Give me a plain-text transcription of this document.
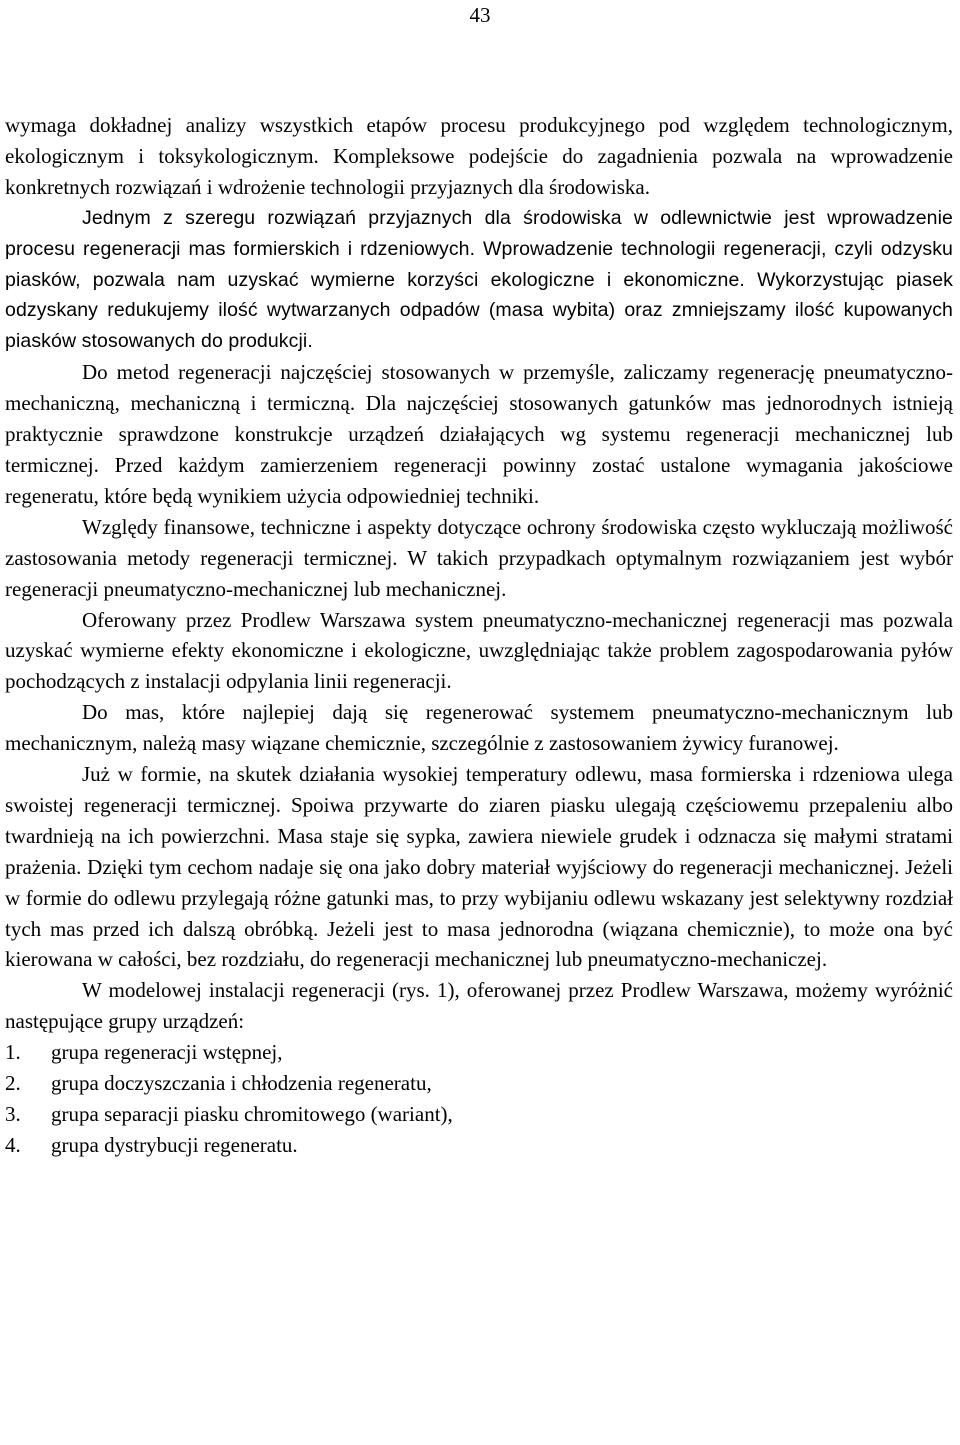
43

wymaga dokładnej analizy wszystkich etapów procesu produkcyjnego pod względem technologicznym, ekologicznym i toksykologicznym. Kompleksowe podejście do zagadnienia pozwala na wprowadzenie konkretnych rozwiązań i wdrożenie technologii przyjaznych dla środowiska.

Jednym z szeregu rozwiązań przyjaznych dla środowiska w odlewnictwie jest wprowadzenie procesu regeneracji mas formierskich i rdzeniowych. Wprowadzenie technologii regeneracji, czyli odzysku piasków, pozwala nam uzyskać wymierne korzyści ekologiczne i ekonomiczne. Wykorzystując piasek odzyskany redukujemy ilość wytwarzanych odpadów (masa wybita) oraz zmniejszamy ilość kupowanych piasków stosowanych do produkcji.

Do metod regeneracji najczęściej stosowanych w przemyśle, zaliczamy regenerację pneumatyczno-mechaniczną, mechaniczną i termiczną. Dla najczęściej stosowanych gatunków mas jednorodnych istnieją praktycznie sprawdzone konstrukcje urządzeń działających wg systemu regeneracji mechanicznej lub termicznej. Przed każdym zamierzeniem regeneracji powinny zostać ustalone wymagania jakościowe regeneratu, które będą wynikiem użycia odpowiedniej techniki.

Względy finansowe, techniczne i aspekty dotyczące ochrony środowiska często wykluczają możliwość zastosowania metody regeneracji termicznej. W takich przypadkach optymalnym rozwiązaniem jest wybór regeneracji pneumatyczno-mechanicznej lub mechanicznej.

Oferowany przez Prodlew Warszawa system pneumatyczno-mechanicznej regeneracji mas pozwala uzyskać wymierne efekty ekonomiczne i ekologiczne, uwzględniając także problem zagospodarowania pyłów pochodzących z instalacji odpylania linii regeneracji.

Do mas, które najlepiej dają się regenerować systemem pneumatyczno-mechanicznym lub mechanicznym, należą masy wiązane chemicznie, szczególnie z zastosowaniem żywicy furanowej.

Już w formie, na skutek działania wysokiej temperatury odlewu, masa formierska i rdzeniowa ulega swoistej regeneracji termicznej. Spoiwa przywarte do ziaren piasku ulegają częściowemu przepaleniu albo twardnieją na ich powierzchni. Masa staje się sypka, zawiera niewiele grudek i odznacza się małymi stratami prażenia. Dzięki tym cechom nadaje się ona jako dobry materiał wyjściowy do regeneracji mechanicznej. Jeżeli w formie do odlewu przylegają różne gatunki mas, to przy wybijaniu odlewu wskazany jest selektywny rozdział tych mas przed ich dalszą obróbką. Jeżeli jest to masa jednorodna (wiązana chemicznie), to może ona być kierowana w całości, bez rozdziału, do regeneracji mechanicznej lub pneumatyczno-mechaniczej.

W modelowej instalacji regeneracji (rys. 1), oferowanej przez Prodlew Warszawa, możemy wyróżnić następujące grupy urządzeń:

1.	grupa regeneracji wstępnej,
2.	grupa doczyszczania i chłodzenia regeneratu,
3.	grupa separacji piasku chromitowego (wariant),
4.	grupa dystrybucji regeneratu.
